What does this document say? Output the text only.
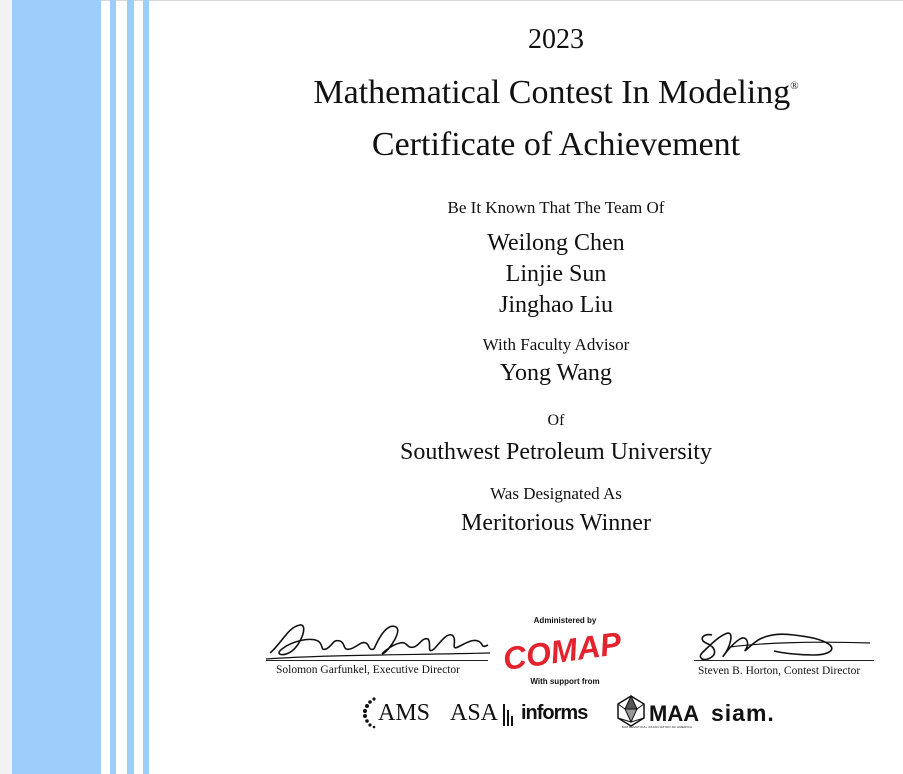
2023
Mathematical Contest In Modeling®
Certificate of Achievement
Be It Known That The Team Of
Weilong Chen
Linjie Sun
Jinghao Liu
With Faculty Advisor
Yong Wang
Of
Southwest Petroleum University
Was Designated As
Meritorious Winner
Solomon Garfunkel, Executive Director
Administered by
COMAP
With support from
Steven B. Horton, Contest Director
AMS ASA informs	MAA
MATHEMATICAL ASSOCIATION OF AMERICA
siam.
